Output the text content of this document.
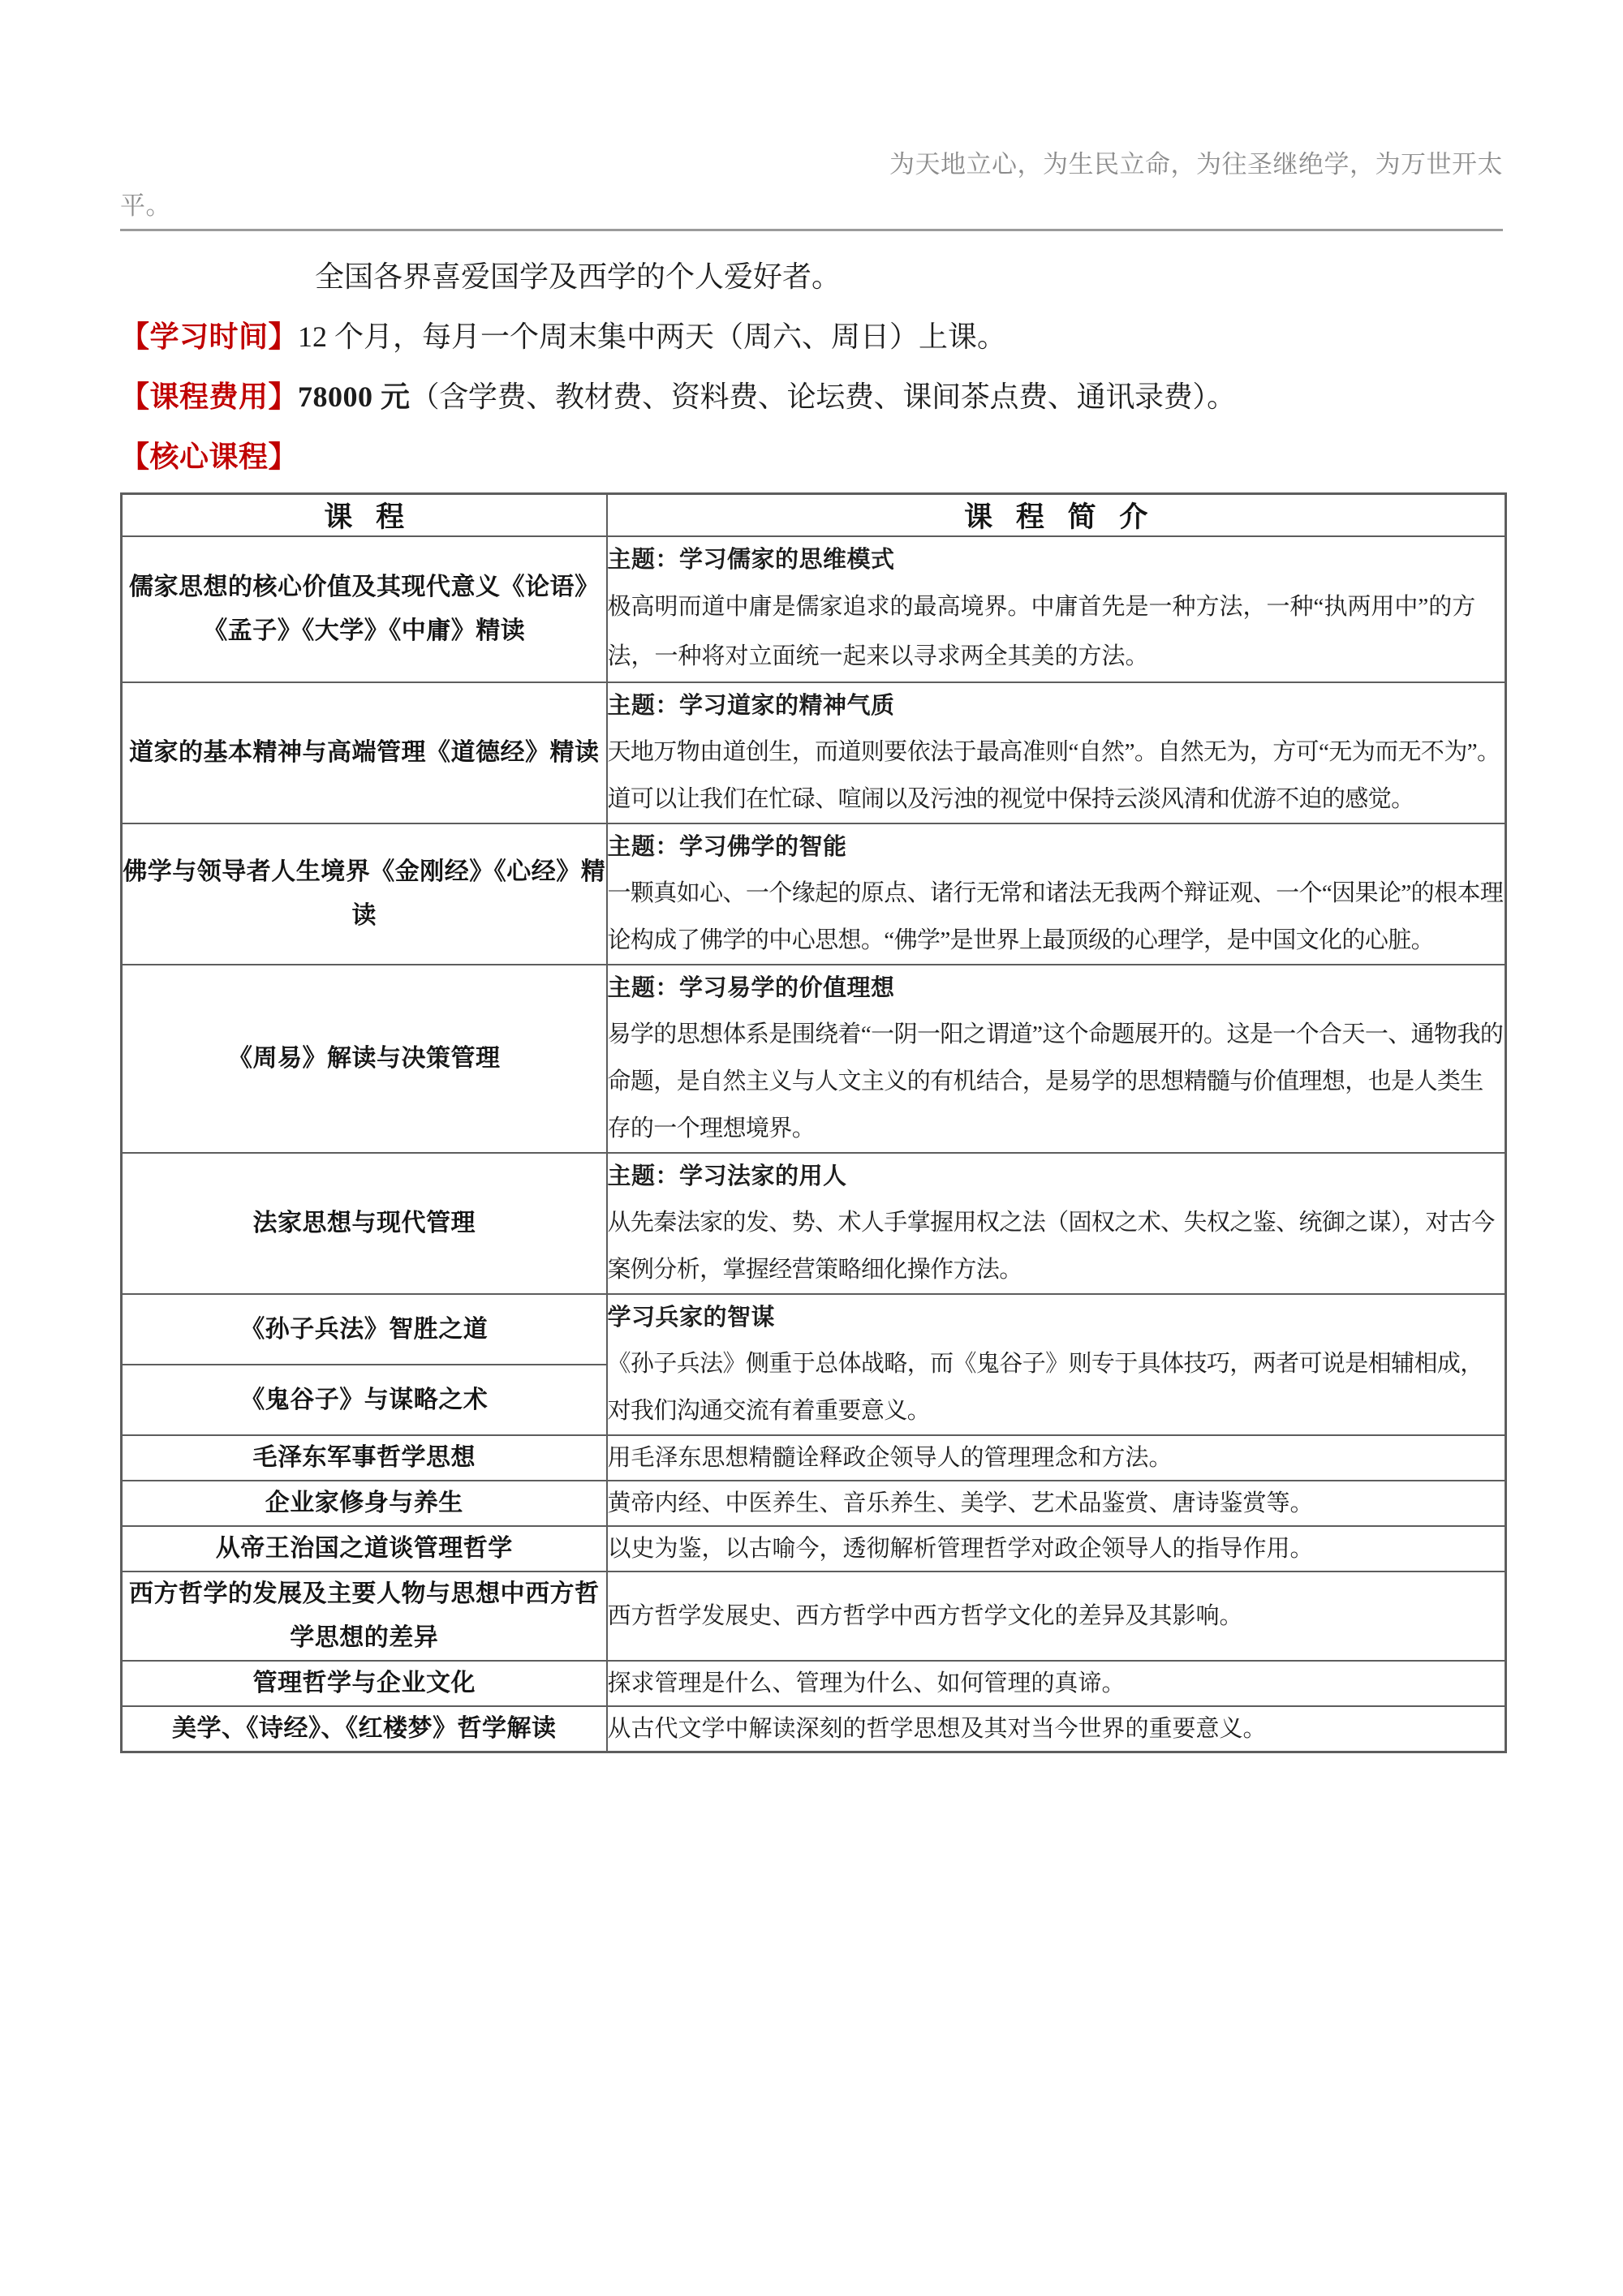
为天地立心，为生民立命，为往圣继绝学，为万世开太
平。
全国各界喜爱国学及西学的个人爱好者。
【学习时间】12 个月，每月一个周末集中两天（周六、周日）上课。
【课程费用】78000 元（含学费、教材费、资料费、论坛费、课间茶点费、通讯录费）。
【核心课程】
课 程	课 程 简 介
儒家思想的核心价值及其现代意义《论语》《孟子》《大学》《中庸》精读	主题：学习儒家的思维模式
极高明而道中庸是儒家追求的最高境界。中庸首先是一种方法，一种“执两用中”的方法，一种将对立面统一起来以寻求两全其美的方法。

道家的基本精神与高端管理《道德经》精读	主题：学习道家的精神气质
天地万物由道创生，而道则要依法于最高准则“自然”。自然无为，方可“无为而无不为”。道可以让我们在忙碌、喧闹以及污浊的视觉中保持云淡风清和优游不迫的感觉。

佛学与领导者人生境界《金刚经》《心经》精读	主题：学习佛学的智能
一颗真如心、一个缘起的原点、诸行无常和诸法无我两个辩证观、一个“因果论”的根本理论构成了佛学的中心思想。“佛学”是世界上最顶级的心理学，是中国文化的心脏。

《周易》解读与决策管理	主题：学习易学的价值理想
易学的思想体系是围绕着“一阴一阳之谓道”这个命题展开的。这是一个合天一、通物我的命题，是自然主义与人文主义的有机结合，是易学的思想精髓与价值理想，也是人类生存的一个理想境界。

法家思想与现代管理	主题：学习法家的用人
从先秦法家的发、势、术人手掌握用权之法（固权之术、失权之鉴、统御之谋），对古今案例分析，掌握经营策略细化操作方法。

《孙子兵法》智胜之道	学习兵家的智谋
《孙子兵法》侧重于总体战略，而《鬼谷子》则专于具体技巧，两者可说是相辅相成，对我们沟通交流有着重要意义。

《鬼谷子》与谋略之术	
毛泽东军事哲学思想	用毛泽东思想精髓诠释政企领导人的管理理念和方法。
企业家修身与养生	黄帝内经、中医养生、音乐养生、美学、艺术品鉴赏、唐诗鉴赏等。
从帝王治国之道谈管理哲学	以史为鉴，以古喻今，透彻解析管理哲学对政企领导人的指导作用。
西方哲学的发展及主要人物与思想中西方哲学思想的差异	西方哲学发展史、西方哲学中西方哲学文化的差异及其影响。
管理哲学与企业文化	探求管理是什么、管理为什么、如何管理的真谛。
美学、《诗经》、《红楼梦》哲学解读	从古代文学中解读深刻的哲学思想及其对当今世界的重要意义。
